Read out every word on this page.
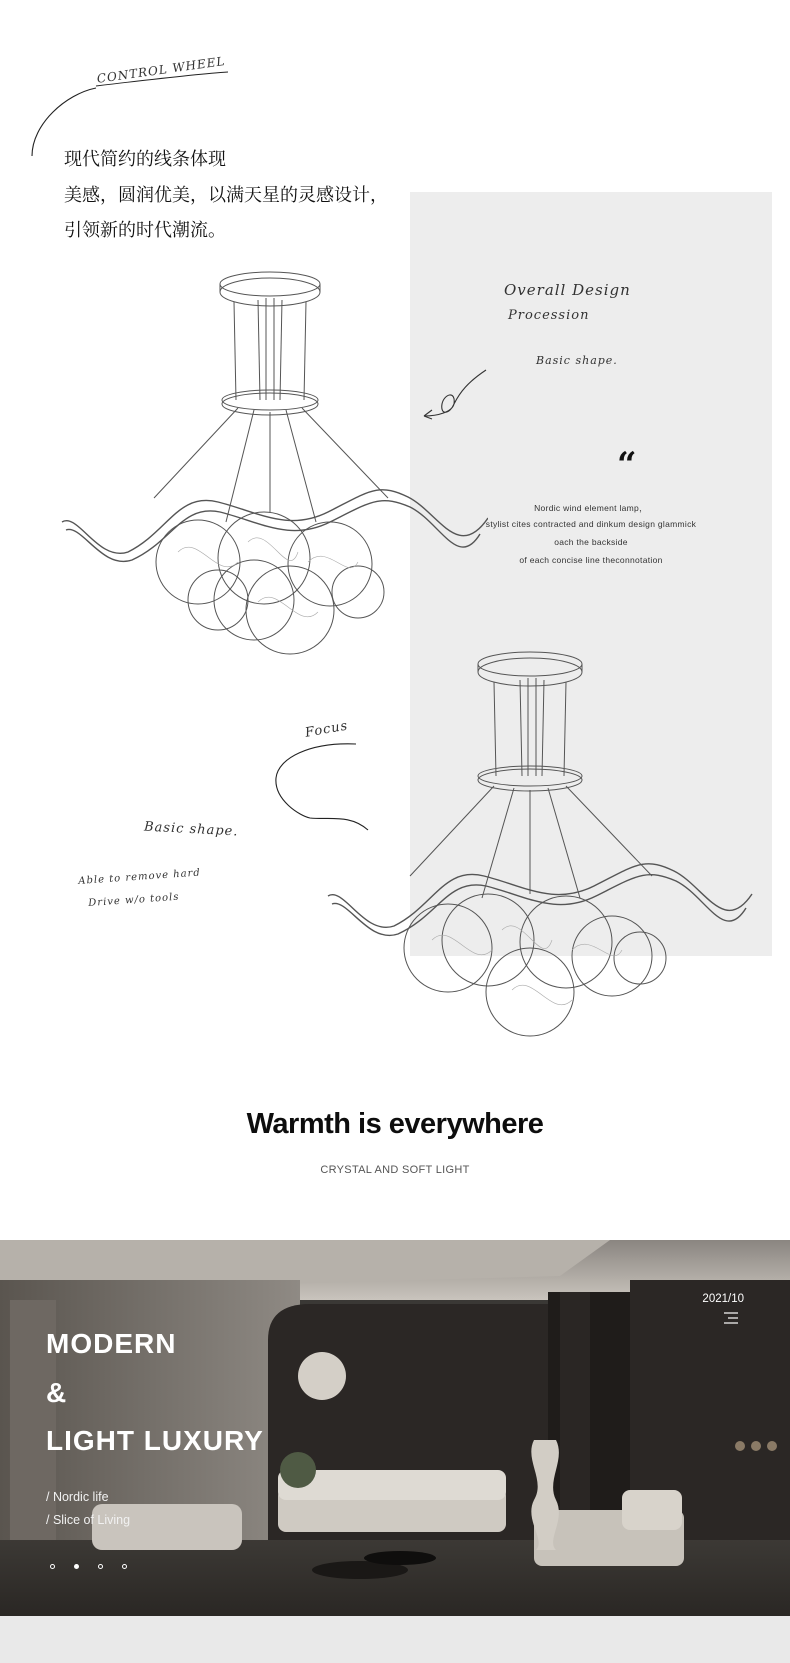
CONTROL WHEEL
现代简约的线条体现
美感，圆润优美，以满天星的灵感设计，
引领新的时代潮流。
Overall Design
Procession
Basic shape.
“
Nordic wind element lamp，
stylist cites contracted and dinkum design glammick
oach the backside
of each concise line theconnotation
Focus
Basic shape.
Able to remove hard
Drive w/o tools
Warmth is everywhere
CRYSTAL AND SOFT LIGHT
2021/10
MODERN
&
LIGHT LUXURY
/ Nordic life
/ Slice of Living
